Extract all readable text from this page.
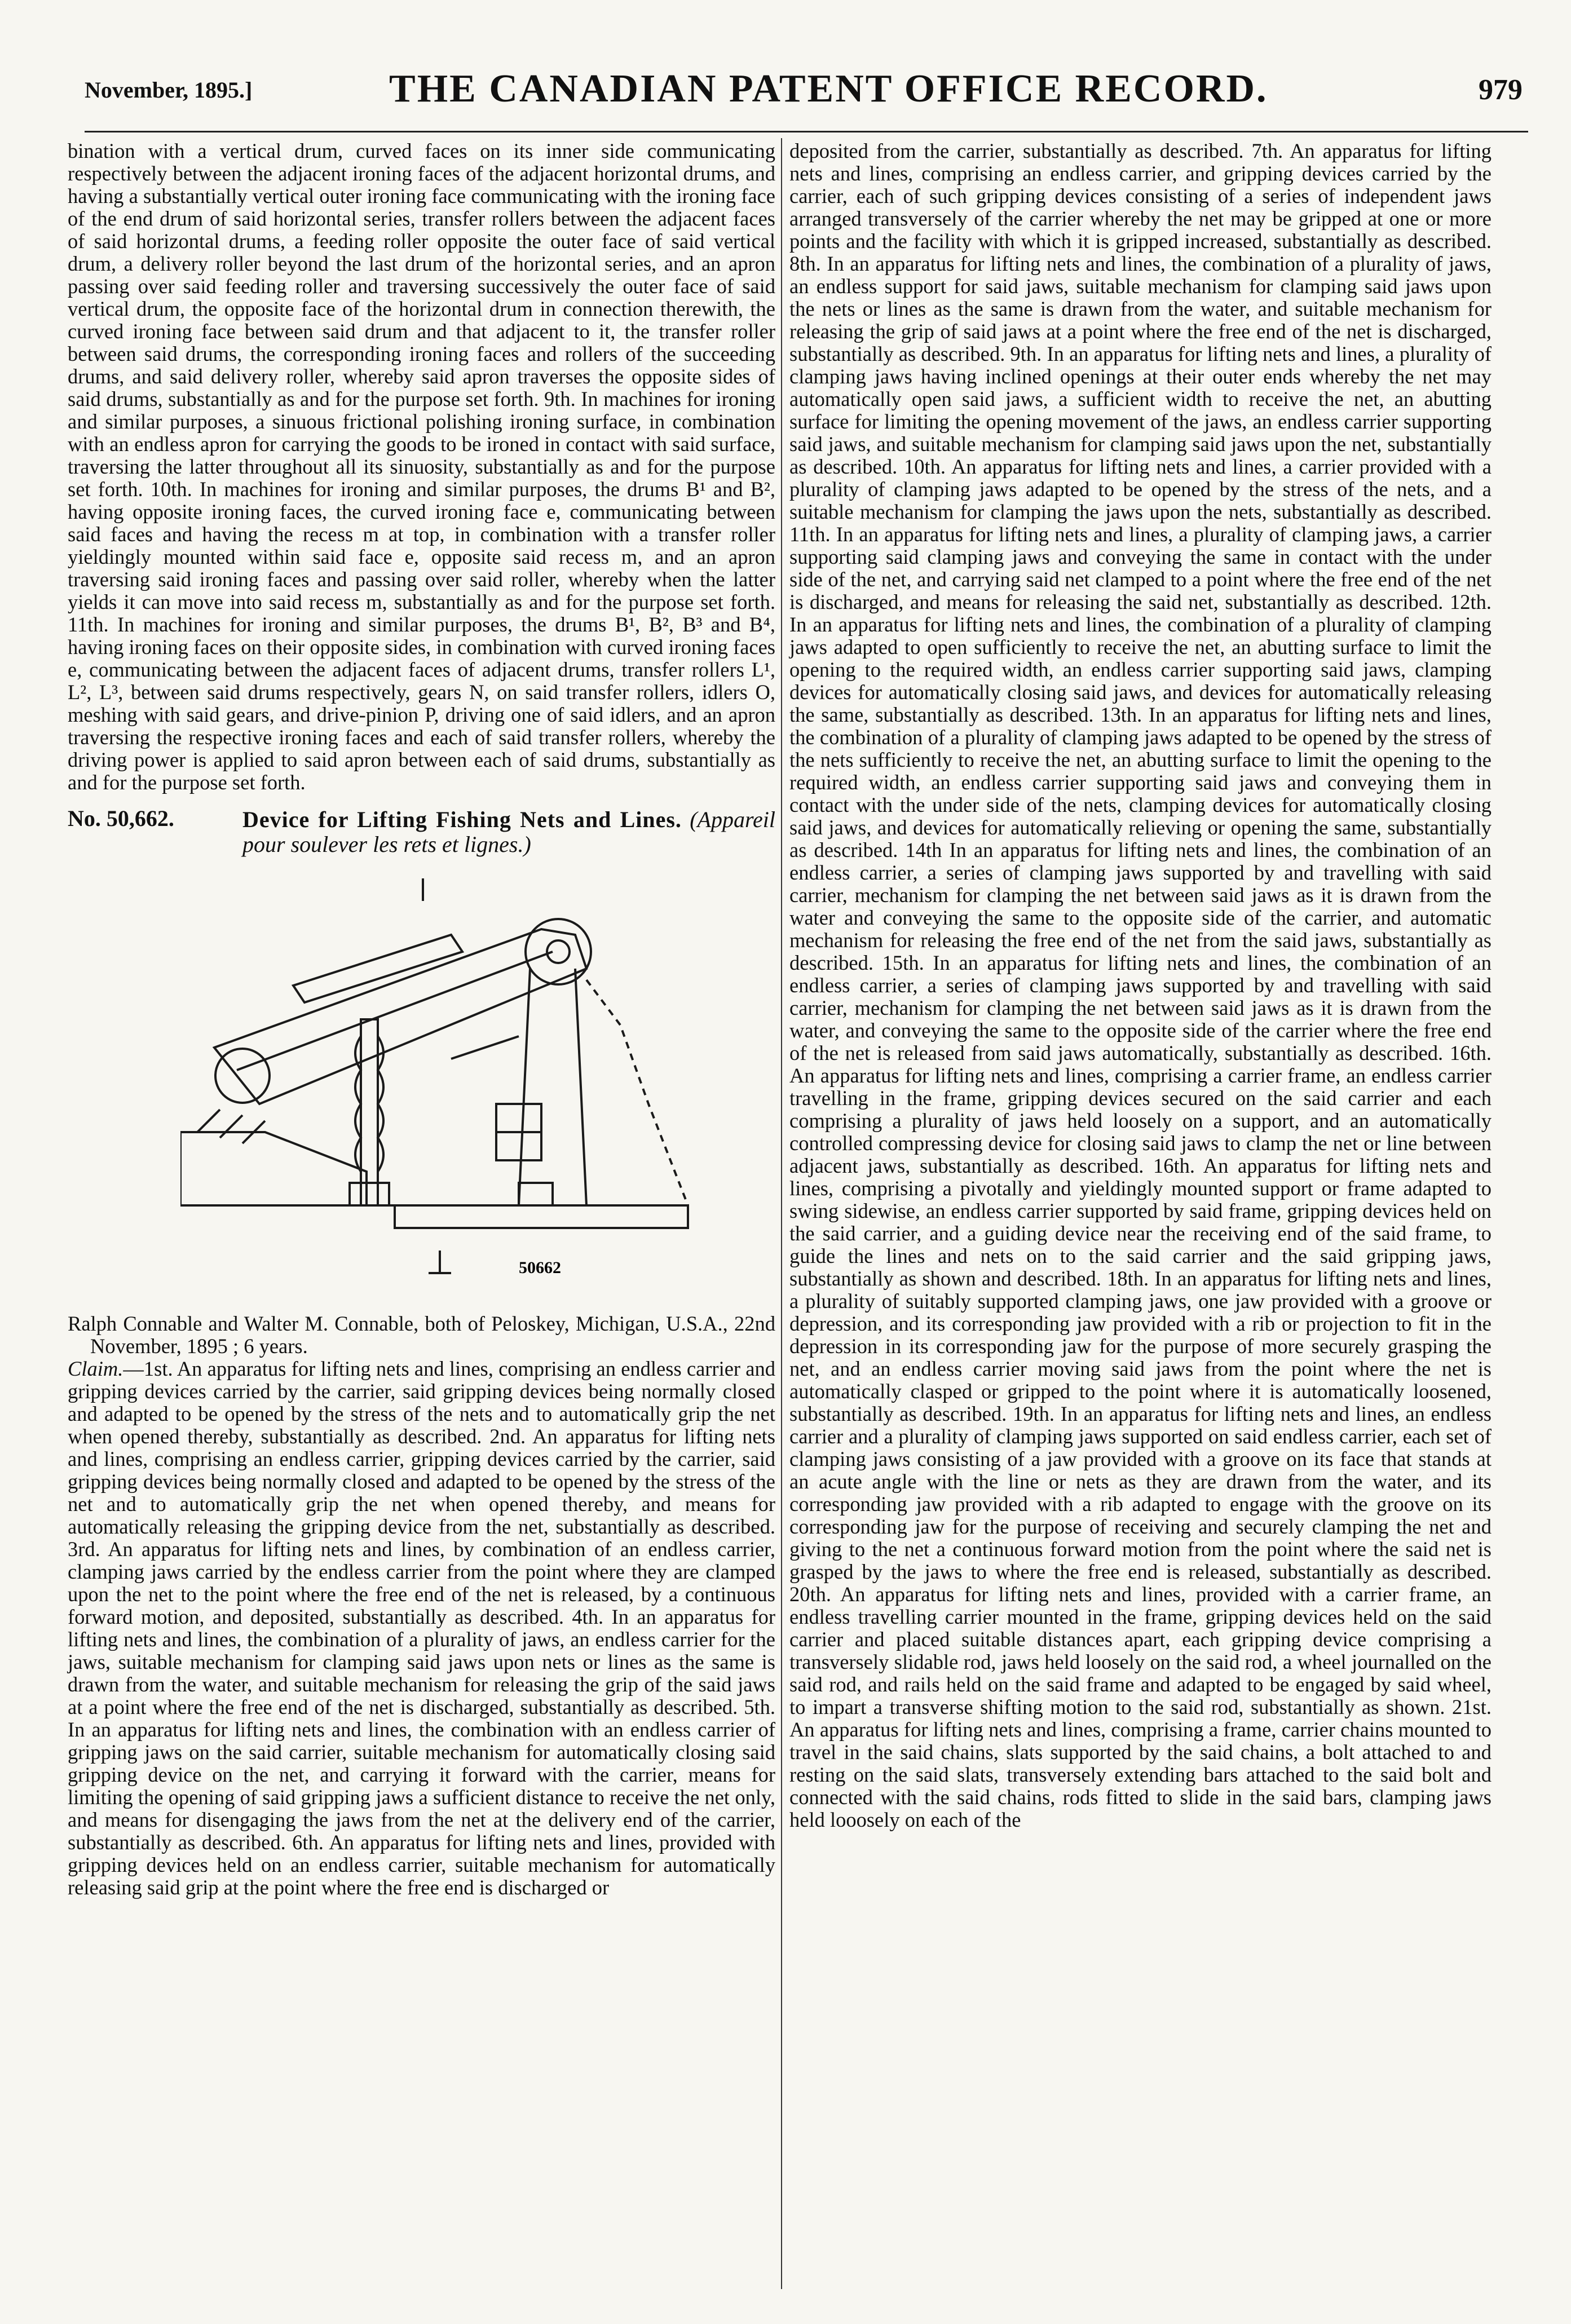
November, 1895.]	THE CANADIAN PATENT OFFICE RECORD.	979

bination with a vertical drum, curved faces on its inner side communicating respectively between the adjacent ironing faces of the adjacent horizontal drums, and having a substantially vertical outer ironing face communicating with the ironing face of the end drum of said horizontal series, transfer rollers between the adjacent faces of said horizontal drums, a feeding roller opposite the outer face of said vertical drum, a delivery roller beyond the last drum of the horizontal series, and an apron passing over said feeding roller and traversing successively the outer face of said vertical drum, the opposite face of the horizontal drum in connection therewith, the curved ironing face between said drum and that adjacent to it, the transfer roller between said drums, the corresponding ironing faces and rollers of the succeeding drums, and said delivery roller, whereby said apron traverses the opposite sides of said drums, substantially as and for the purpose set forth. 9th. In machines for ironing and similar purposes, a sinuous frictional polishing ironing surface, in combination with an endless apron for carrying the goods to be ironed in contact with said surface, traversing the latter throughout all its sinuosity, substantially as and for the purpose set forth. 10th. In machines for ironing and similar purposes, the drums B¹ and B², having opposite ironing faces, the curved ironing face e, communicating between said faces and having the recess m at top, in combination with a transfer roller yieldingly mounted within said face e, opposite said recess m, and an apron traversing said ironing faces and passing over said roller, whereby when the latter yields it can move into said recess m, substantially as and for the purpose set forth. 11th. In machines for ironing and similar purposes, the drums B¹, B², B³ and B⁴, having ironing faces on their opposite sides, in combination with curved ironing faces e, communicating between the adjacent faces of adjacent drums, transfer rollers L¹, L², L³, between said drums respectively, gears N, on said transfer rollers, idlers O, meshing with said gears, and drive-pinion P, driving one of said idlers, and an apron traversing the respective ironing faces and each of said transfer rollers, whereby the driving power is applied to said apron between each of said drums, substantially as and for the purpose set forth.

No. 50,662.	Device for Lifting Fishing Nets and Lines. (Appareil pour soulever les rets et lignes.)
50662

Ralph Connable and Walter M. Connable, both of Peloskey, Michigan, U.S.A., 22nd November, 1895 ; 6 years.

Claim.—1st. An apparatus for lifting nets and lines, comprising an endless carrier and gripping devices carried by the carrier, said gripping devices being normally closed and adapted to be opened by the stress of the nets and to automatically grip the net when opened thereby, substantially as described. 2nd. An apparatus for lifting nets and lines, comprising an endless carrier, gripping devices carried by the carrier, said gripping devices being normally closed and adapted to be opened by the stress of the net and to automatically grip the net when opened thereby, and means for automatically releasing the gripping device from the net, substantially as described. 3rd. An apparatus for lifting nets and lines, by combination of an endless carrier, clamping jaws carried by the endless carrier from the point where they are clamped upon the net to the point where the free end of the net is released, by a continuous forward motion, and deposited, substantially as described. 4th. In an apparatus for lifting nets and lines, the combination of a plurality of jaws, an endless carrier for the jaws, suitable mechanism for clamping said jaws upon nets or lines as the same is drawn from the water, and suitable mechanism for releasing the grip of the said jaws at a point where the free end of the net is discharged, substantially as described. 5th. In an apparatus for lifting nets and lines, the combination with an endless carrier of gripping jaws on the said carrier, suitable mechanism for automatically closing said gripping device on the net, and carrying it forward with the carrier, means for limiting the opening of said gripping jaws a sufficient distance to receive the net only, and means for disengaging the jaws from the net at the delivery end of the carrier, substantially as described. 6th. An apparatus for lifting nets and lines, provided with gripping devices held on an endless carrier, suitable mechanism for automatically releasing said grip at the point where the free end is discharged or

deposited from the carrier, substantially as described. 7th. An apparatus for lifting nets and lines, comprising an endless carrier, and gripping devices carried by the carrier, each of such gripping devices consisting of a series of independent jaws arranged transversely of the carrier whereby the net may be gripped at one or more points and the facility with which it is gripped increased, substantially as described. 8th. In an apparatus for lifting nets and lines, the combination of a plurality of jaws, an endless support for said jaws, suitable mechanism for clamping said jaws upon the nets or lines as the same is drawn from the water, and suitable mechanism for releasing the grip of said jaws at a point where the free end of the net is discharged, substantially as described. 9th. In an apparatus for lifting nets and lines, a plurality of clamping jaws having inclined openings at their outer ends whereby the net may automatically open said jaws, a sufficient width to receive the net, an abutting surface for limiting the opening movement of the jaws, an endless carrier supporting said jaws, and suitable mechanism for clamping said jaws upon the net, substantially as described. 10th. An apparatus for lifting nets and lines, a carrier provided with a plurality of clamping jaws adapted to be opened by the stress of the nets, and a suitable mechanism for clamping the jaws upon the nets, substantially as described. 11th. In an apparatus for lifting nets and lines, a plurality of clamping jaws, a carrier supporting said clamping jaws and conveying the same in contact with the under side of the net, and carrying said net clamped to a point where the free end of the net is discharged, and means for releasing the said net, substantially as described. 12th. In an apparatus for lifting nets and lines, the combination of a plurality of clamping jaws adapted to open sufficiently to receive the net, an abutting surface to limit the opening to the required width, an endless carrier supporting said jaws, clamping devices for automatically closing said jaws, and devices for automatically releasing the same, substantially as described. 13th. In an apparatus for lifting nets and lines, the combination of a plurality of clamping jaws adapted to be opened by the stress of the nets sufficiently to receive the net, an abutting surface to limit the opening to the required width, an endless carrier supporting said jaws and conveying them in contact with the under side of the nets, clamping devices for automatically closing said jaws, and devices for automatically relieving or opening the same, substantially as described. 14th In an apparatus for lifting nets and lines, the combination of an endless carrier, a series of clamping jaws supported by and travelling with said carrier, mechanism for clamping the net between said jaws as it is drawn from the water and conveying the same to the opposite side of the carrier, and automatic mechanism for releasing the free end of the net from the said jaws, substantially as described. 15th. In an apparatus for lifting nets and lines, the combination of an endless carrier, a series of clamping jaws supported by and travelling with said carrier, mechanism for clamping the net between said jaws as it is drawn from the water, and conveying the same to the opposite side of the carrier where the free end of the net is released from said jaws automatically, substantially as described. 16th. An apparatus for lifting nets and lines, comprising a carrier frame, an endless carrier travelling in the frame, gripping devices secured on the said carrier and each comprising a plurality of jaws held loosely on a support, and an automatically controlled compressing device for closing said jaws to clamp the net or line between adjacent jaws, substantially as described. 16th. An apparatus for lifting nets and lines, comprising a pivotally and yieldingly mounted support or frame adapted to swing sidewise, an endless carrier supported by said frame, gripping devices held on the said carrier, and a guiding device near the receiving end of the said frame, to guide the lines and nets on to the said carrier and the said gripping jaws, substantially as shown and described. 18th. In an apparatus for lifting nets and lines, a plurality of suitably supported clamping jaws, one jaw provided with a groove or depression, and its corresponding jaw provided with a rib or projection to fit in the depression in its corresponding jaw for the purpose of more securely grasping the net, and an endless carrier moving said jaws from the point where the net is automatically clasped or gripped to the point where it is automatically loosened, substantially as described. 19th. In an apparatus for lifting nets and lines, an endless carrier and a plurality of clamping jaws supported on said endless carrier, each set of clamping jaws consisting of a jaw provided with a groove on its face that stands at an acute angle with the line or nets as they are drawn from the water, and its corresponding jaw provided with a rib adapted to engage with the groove on its corresponding jaw for the purpose of receiving and securely clamping the net and giving to the net a continuous forward motion from the point where the said net is grasped by the jaws to where the free end is released, substantially as described. 20th. An apparatus for lifting nets and lines, provided with a carrier frame, an endless travelling carrier mounted in the frame, gripping devices held on the said carrier and placed suitable distances apart, each gripping device comprising a transversely slidable rod, jaws held loosely on the said rod, a wheel journalled on the said rod, and rails held on the said frame and adapted to be engaged by said wheel, to impart a transverse shifting motion to the said rod, substantially as shown. 21st. An apparatus for lifting nets and lines, comprising a frame, carrier chains mounted to travel in the said chains, slats supported by the said chains, a bolt attached to and resting on the said slats, transversely extending bars attached to the said bolt and connected with the said chains, rods fitted to slide in the said bars, clamping jaws held looosely on each of the
